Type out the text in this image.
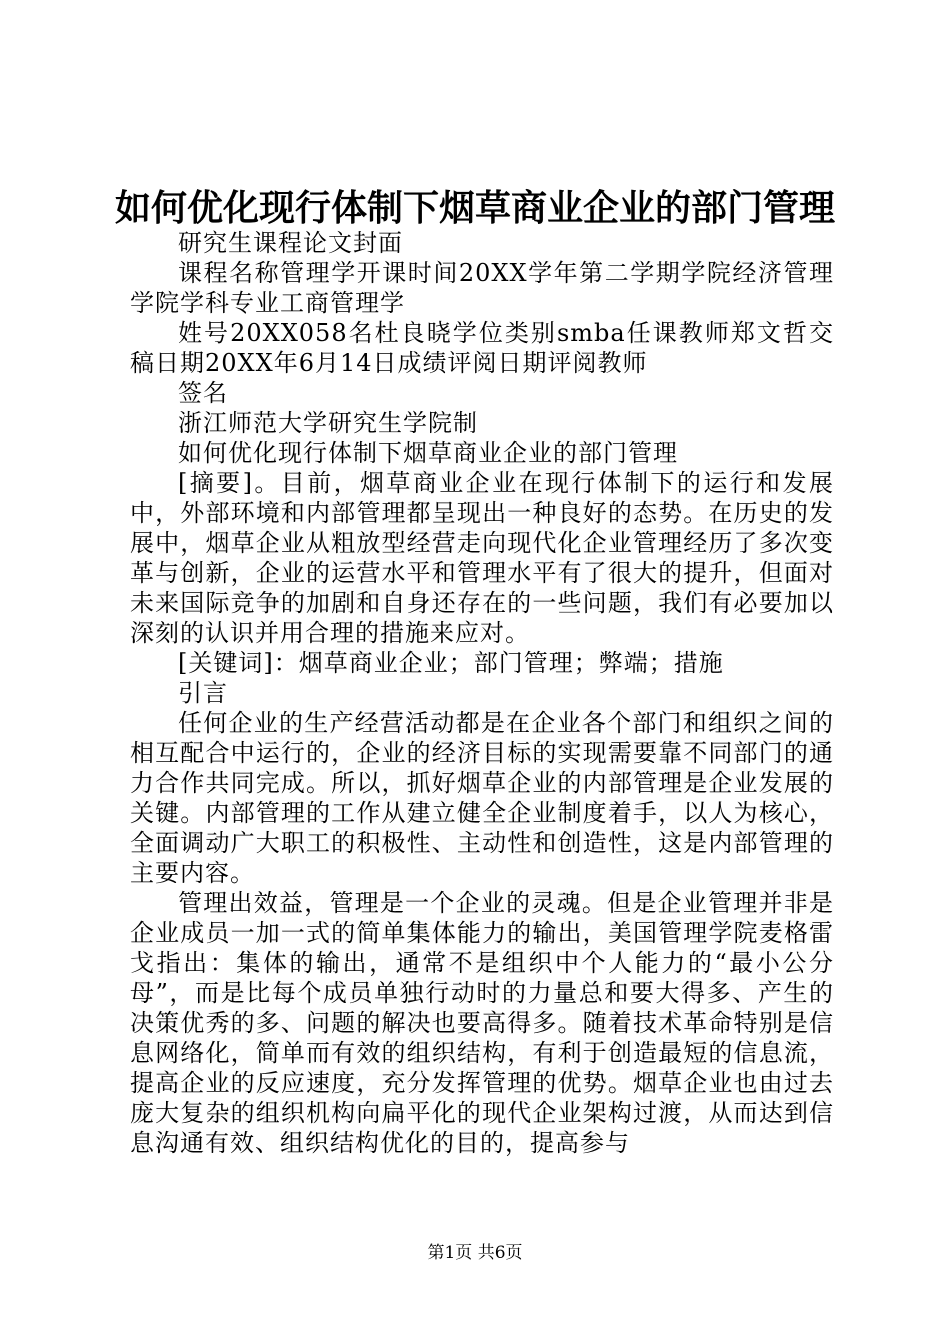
如何优化现行体制下烟草商业企业的部门管理

研究生课程论文封面

课程名称管理学开课时间20XX学年第二学期学院经济管理学院学科专业工商管理学

姓号20XX058名杜良晓学位类别smba任课教师郑文哲交稿日期20XX年6月14日成绩评阅日期评阅教师

签名

浙江师范大学研究生学院制

如何优化现行体制下烟草商业企业的部门管理

[摘要]。目前，烟草商业企业在现行体制下的运行和发展中，外部环境和内部管理都呈现出一种良好的态势。在历史的发展中，烟草企业从粗放型经营走向现代化企业管理经历了多次变革与创新，企业的运营水平和管理水平有了很大的提升，但面对未来国际竞争的加剧和自身还存在的一些问题，我们有必要加以深刻的认识并用合理的措施来应对。

[关键词]：烟草商业企业；部门管理；弊端；措施

引言

任何企业的生产经营活动都是在企业各个部门和组织之间的相互配合中运行的，企业的经济目标的实现需要靠不同部门的通力合作共同完成。所以，抓好烟草企业的内部管理是企业发展的关键。内部管理的工作从建立健全企业制度着手，以人为核心，全面调动广大职工的积极性、主动性和创造性，这是内部管理的主要内容。

管理出效益，管理是一个企业的灵魂。但是企业管理并非是企业成员一加一式的简单集体能力的输出，美国管理学院麦格雷戈指出：集体的输出，通常不是组织中个人能力的“最小公分母”，而是比每个成员单独行动时的力量总和要大得多、产生的决策优秀的多、问题的解决也要高得多。随着技术革命特别是信息网络化，简单而有效的组织结构，有利于创造最短的信息流，提高企业的反应速度，充分发挥管理的优势。烟草企业也由过去庞大复杂的组织机构向扁平化的现代企业架构过渡，从而达到信息沟通有效、组织结构优化的目的，提高参与

第1页 共6页
